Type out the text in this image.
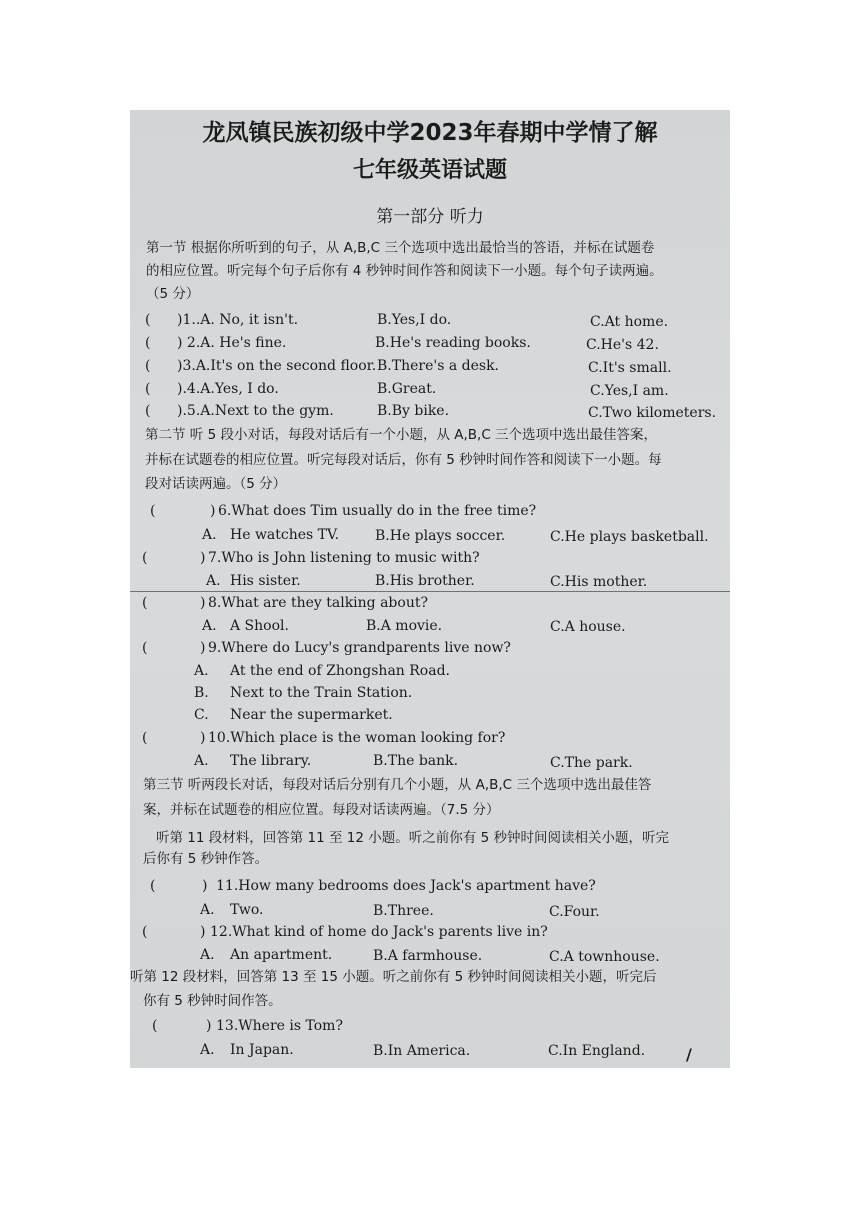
龙凤镇民族初级中学2023年春期中学情了解
七年级英语试题
第一部分 听力
第一节 根据你所听到的句子，从 A,B,C 三个选项中选出最恰当的答语，并标在试题卷
的相应位置。听完每个句子后你有 4 秒钟时间作答和阅读下一小题。每个句子读两遍。
（5 分）
( )1..A. No, it isn't.	B.Yes,I do.	C.At home.
( ) 2.A. He's fine.	B.He's reading books.	C.He's 42.
( )3.A.It's on the second floor. B.There's a desk.	C.It's small.
( ).4.A.Yes, I do.	B.Great.	C.Yes,I am.
( ).5.A.Next to the gym.	B.By bike.	C.Two kilometers.
第二节 听 5 段小对话，每段对话后有一个小题，从 A,B,C 三个选项中选出最佳答案，
并标在试题卷的相应位置。听完每段对话后，你有 5 秒钟时间作答和阅读下一小题。每
段对话读两遍。（5 分）
(	) 6.What does Tim usually do in the free time?
A. He watches TV.	B.He plays soccer.	C.He plays basketball.
(	) 7.Who is John listening to music with?
A. His sister.	B.His brother.	C.His mother.
(	) 8.What are they talking about?
A. A Shool.	B.A movie.	C.A house.
(	) 9.Where do Lucy's grandparents live now?
A. At the end of Zhongshan Road.
B. Next to the Train Station.
C. Near the supermarket.
(	) 10.Which place is the woman looking for?
A. The library.	B.The bank.	C.The park.
第三节 听两段长对话，每段对话后分别有几个小题，从 A,B,C 三个选项中选出最佳答
案，并标在试题卷的相应位置。每段对话读两遍。（7.5 分）
听第 11 段材料，回答第 11 至 12 小题。听之前你有 5 秒钟时间阅读相关小题，听完
后你有 5 秒钟作答。
(	) 11.How many bedrooms does Jack's apartment have?
A. Two.	B.Three.	C.Four.
(	) 12.What kind of home do Jack's parents live in?
A. An apartment.	B.A farmhouse.	C.A townhouse.
听第 12 段材料，回答第 13 至 15 小题。听之前你有 5 秒钟时间阅读相关小题，听完后
你有 5 秒钟时间作答。
(	) 13.Where is Tom?
A. In Japan.	B.In America.	C.In England.	/
